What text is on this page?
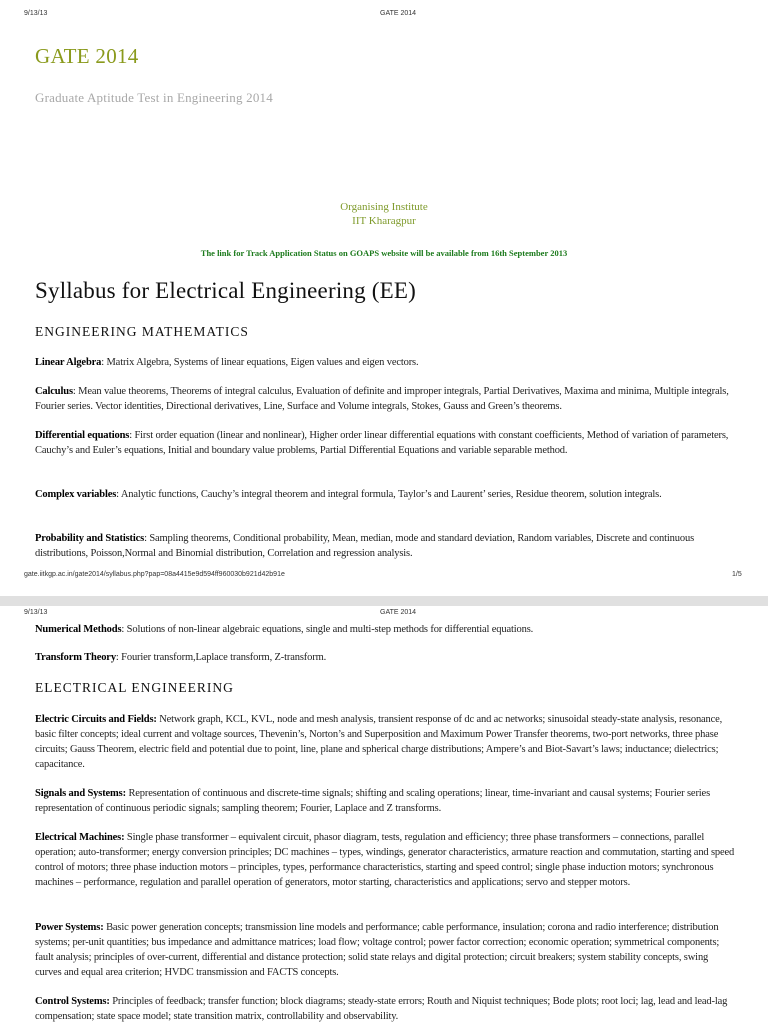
9/13/13	GATE 2014
GATE 2014
Graduate Aptitude Test in Engineering 2014
Organising Institute
IIT Kharagpur
The link for Track Application Status on GOAPS website will be available from 16th September 2013
Syllabus for Electrical Engineering (EE)
ENGINEERING MATHEMATICS
Linear Algebra: Matrix Algebra, Systems of linear equations, Eigen values and eigen vectors.
Calculus: Mean value theorems, Theorems of integral calculus, Evaluation of definite and improper integrals, Partial Derivatives, Maxima and minima, Multiple integrals, Fourier series. Vector identities, Directional derivatives, Line, Surface and Volume integrals, Stokes, Gauss and Green’s theorems.
Differential equations: First order equation (linear and nonlinear), Higher order linear differential equations with constant coefficients, Method of variation of parameters, Cauchy’s and Euler’s equations, Initial and boundary value problems, Partial Differential Equations and variable separable method.
Complex variables: Analytic functions, Cauchy’s integral theorem and integral formula, Taylor’s and Laurent’ series, Residue theorem, solution integrals.
Probability and Statistics: Sampling theorems, Conditional probability, Mean, median, mode and standard deviation, Random variables, Discrete and continuous distributions, Poisson,Normal and Binomial distribution, Correlation and regression analysis.
gate.iitkgp.ac.in/gate2014/syllabus.php?pap=08a4415e9d594ff960030b921d42b91e	1/5
9/13/13	GATE 2014
Numerical Methods: Solutions of non-linear algebraic equations, single and multi-step methods for differential equations.
Transform Theory: Fourier transform,Laplace transform, Z-transform.
ELECTRICAL ENGINEERING
Electric Circuits and Fields: Network graph, KCL, KVL, node and mesh analysis, transient response of dc and ac networks; sinusoidal steady-state analysis, resonance, basic filter concepts; ideal current and voltage sources, Thevenin’s, Norton’s and Superposition and Maximum Power Transfer theorems, two-port networks, three phase circuits; Gauss Theorem, electric field and potential due to point, line, plane and spherical charge distributions; Ampere’s and Biot-Savart’s laws; inductance; dielectrics; capacitance.
Signals and Systems: Representation of continuous and discrete-time signals; shifting and scaling operations; linear, time-invariant and causal systems; Fourier series representation of continuous periodic signals; sampling theorem; Fourier, Laplace and Z transforms.
Electrical Machines: Single phase transformer – equivalent circuit, phasor diagram, tests, regulation and efficiency; three phase transformers – connections, parallel operation; auto-transformer; energy conversion principles; DC machines – types, windings, generator characteristics, armature reaction and commutation, starting and speed control of motors; three phase induction motors – principles, types, performance characteristics, starting and speed control; single phase induction motors; synchronous machines – performance, regulation and parallel operation of generators, motor starting, characteristics and applications; servo and stepper motors.
Power Systems: Basic power generation concepts; transmission line models and performance; cable performance, insulation; corona and radio interference; distribution systems; per-unit quantities; bus impedance and admittance matrices; load flow; voltage control; power factor correction; economic operation; symmetrical components; fault analysis; principles of over-current, differential and distance protection; solid state relays and digital protection; circuit breakers; system stability concepts, swing curves and equal area criterion; HVDC transmission and FACTS concepts.
Control Systems: Principles of feedback; transfer function; block diagrams; steady-state errors; Routh and Niquist techniques; Bode plots; root loci; lag, lead and lead-lag compensation; state space model; state transition matrix, controllability and observability.
